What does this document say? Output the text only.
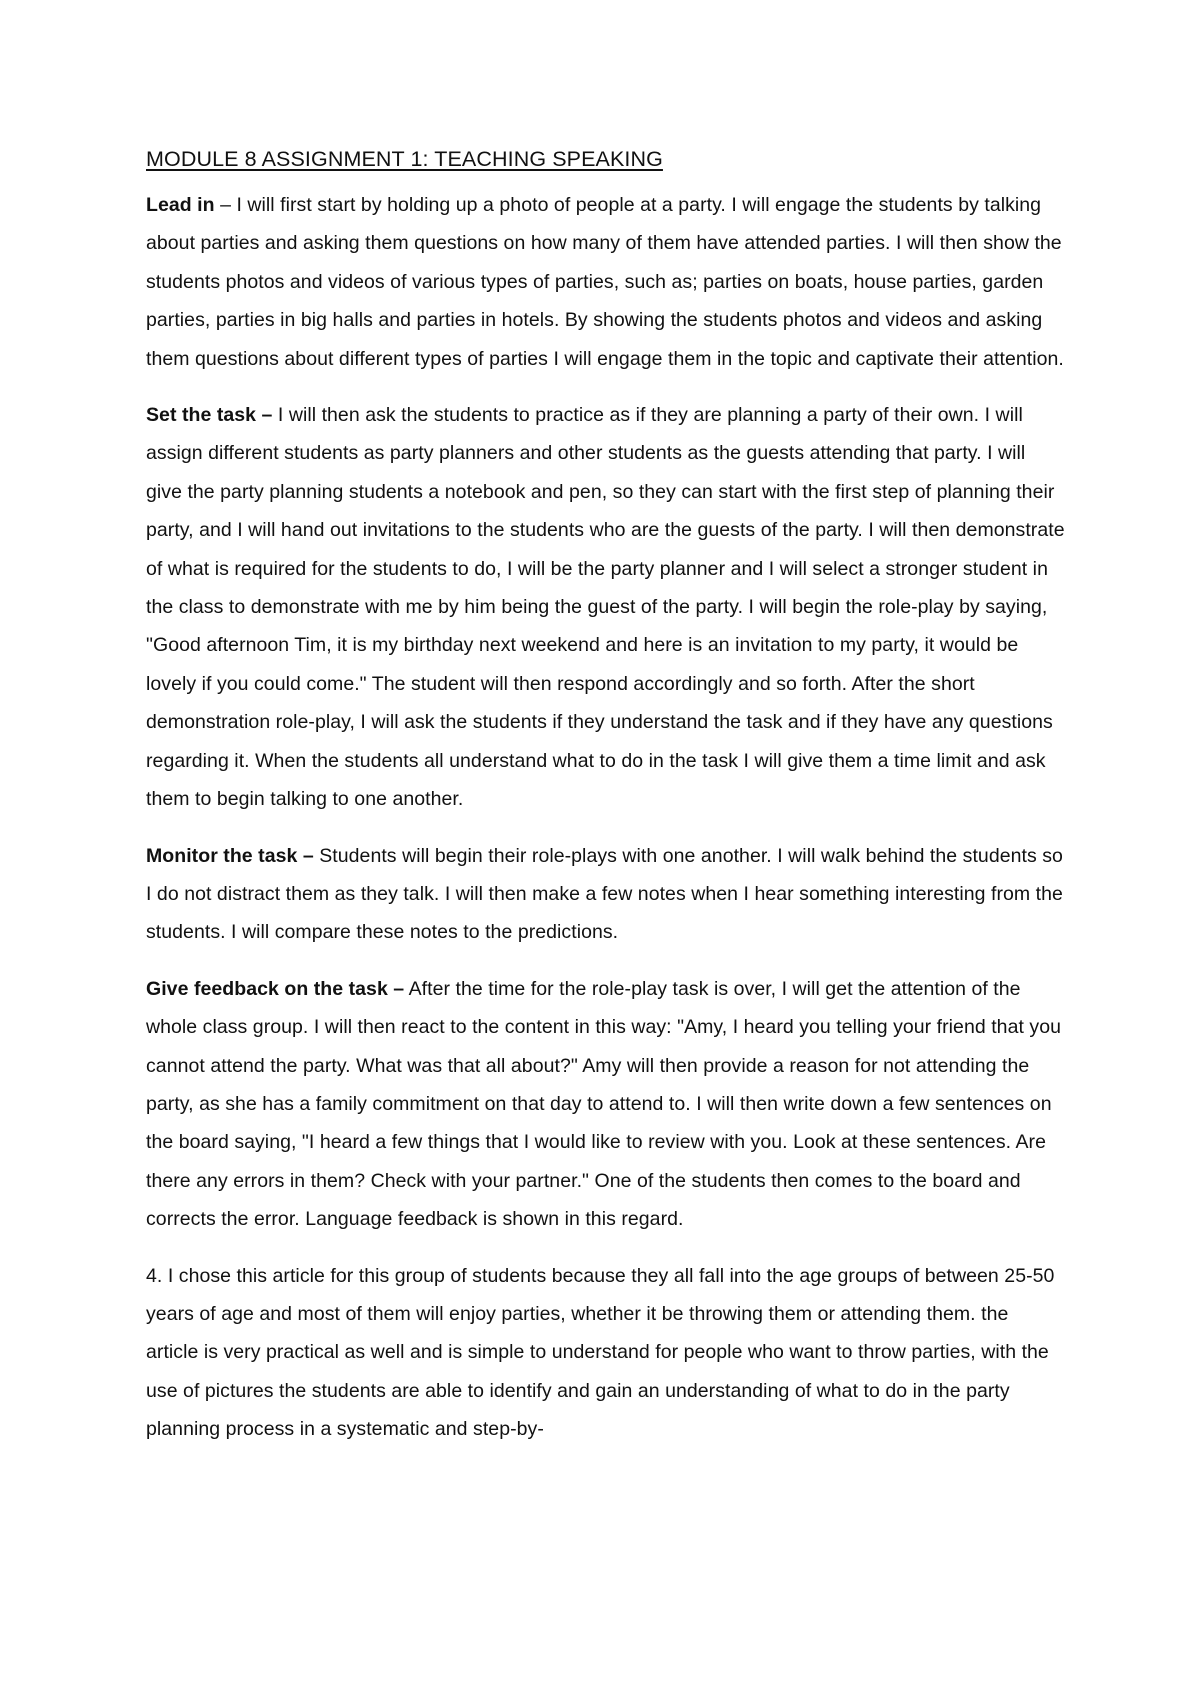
MODULE 8 ASSIGNMENT 1: TEACHING SPEAKING

Lead in – I will first start by holding up a photo of people at a party. I will engage the students by talking about parties and asking them questions on how many of them have attended parties. I will then show the students photos and videos of various types of parties, such as; parties on boats, house parties, garden parties, parties in big halls and parties in hotels. By showing the students photos and videos and asking them questions about different types of parties I will engage them in the topic and captivate their attention.

Set the task – I will then ask the students to practice as if they are planning a party of their own. I will assign different students as party planners and other students as the guests attending that party. I will give the party planning students a notebook and pen, so they can start with the first step of planning their party, and I will hand out invitations to the students who are the guests of the party. I will then demonstrate of what is required for the students to do, I will be the party planner and I will select a stronger student in the class to demonstrate with me by him being the guest of the party. I will begin the role-play by saying, "Good afternoon Tim, it is my birthday next weekend and here is an invitation to my party, it would be lovely if you could come." The student will then respond accordingly and so forth. After the short demonstration role-play, I will ask the students if they understand the task and if they have any questions regarding it. When the students all understand what to do in the task I will give them a time limit and ask them to begin talking to one another.

Monitor the task – Students will begin their role-plays with one another. I will walk behind the students so I do not distract them as they talk. I will then make a few notes when I hear something interesting from the students. I will compare these notes to the predictions.

Give feedback on the task – After the time for the role-play task is over, I will get the attention of the whole class group. I will then react to the content in this way: "Amy, I heard you telling your friend that you cannot attend the party. What was that all about?" Amy will then provide a reason for not attending the party, as she has a family commitment on that day to attend to. I will then write down a few sentences on the board saying, "I heard a few things that I would like to review with you. Look at these sentences. Are there any errors in them? Check with your partner." One of the students then comes to the board and corrects the error. Language feedback is shown in this regard.

4. I chose this article for this group of students because they all fall into the age groups of between 25-50 years of age and most of them will enjoy parties, whether it be throwing them or attending them. the article is very practical as well and is simple to understand for people who want to throw parties, with the use of pictures the students are able to identify and gain an understanding of what to do in the party planning process in a systematic and step-by-
